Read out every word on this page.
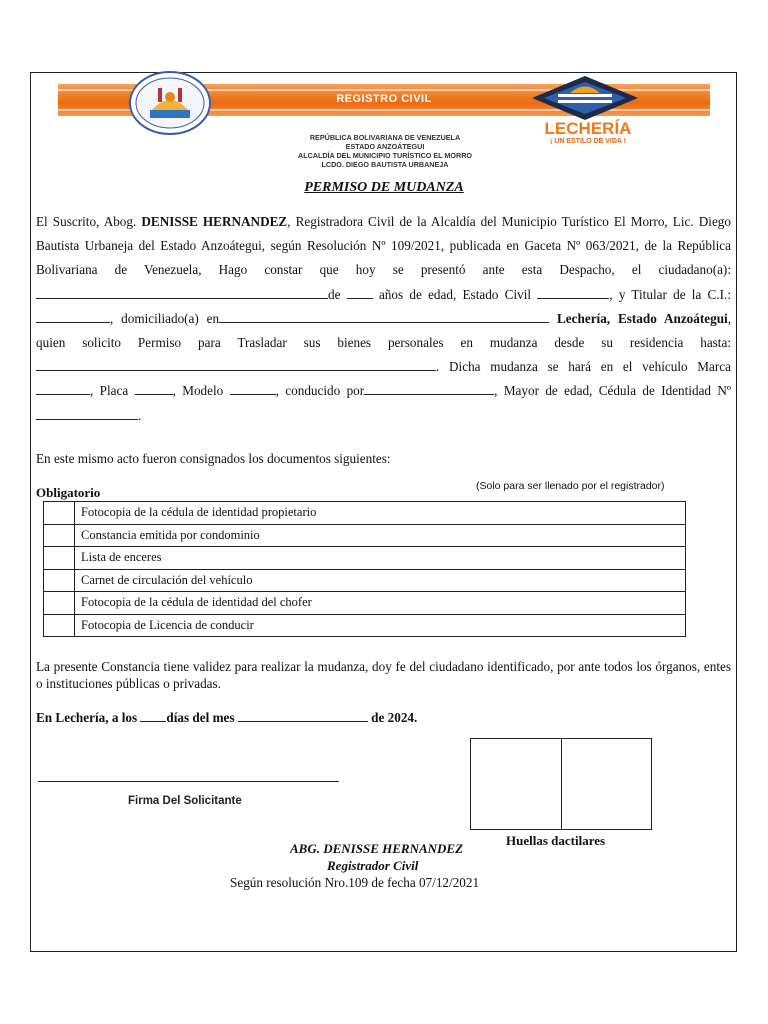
REGISTRO CIVIL
LECHERÍA
¡ UN ESTILO DE VIDA !
REPÚBLICA BOLIVARIANA DE VENEZUELA
ESTADO ANZOÁTEGUI
ALCALDÍA DEL MUNICIPIO TURÍSTICO EL MORRO
LCDO. DIEGO BAUTISTA URBANEJA
PERMISO DE MUDANZA

El Suscrito, Abog. DENISSE HERNANDEZ, Registradora Civil de la Alcaldía del Municipio Turístico El Morro, Lic. Diego Bautista Urbaneja del Estado Anzoátegui, según Resolución Nº 109/2021, publicada en Gaceta Nº 063/2021, de la República Bolivariana de Venezuela, Hago constar que hoy se presentó ante esta Despacho, el ciudadano(a): de  años de edad, Estado Civil	, y Titular de la C.I.: , domiciliado(a) en	Lechería, Estado Anzoátegui, quien solicito Permiso para Trasladar sus bienes personales en mudanza desde su residencia hasta: . Dicha mudanza se hará en el vehículo Marca , Placa	, Modelo	, conducido por	, Mayor de edad, Cédula de Identidad Nº.

En este mismo acto fueron consignados los documentos siguientes:
Obligatorio	(Solo para ser llenado por el registrador)
	Fotocopia de la cédula de identidad propietario
	Constancia emitida por condominio
	Lista de enceres
	Carnet de circulación del vehículo
	Fotocopia de la cédula de identidad del chofer
	Fotocopia de Licencia de conducir
La presente Constancia tiene validez para realizar la mudanza, doy fe del ciudadano identificado, por ante todos los órganos, entes o instituciones públicas o privadas.
En Lechería, a los días del mes	de 2024.
Firma Del Solicitante
Huellas dactilares
ABG. DENISSE HERNANDEZ
Registrador Civil
Según resolución Nro.109 de fecha 07/12/2021
